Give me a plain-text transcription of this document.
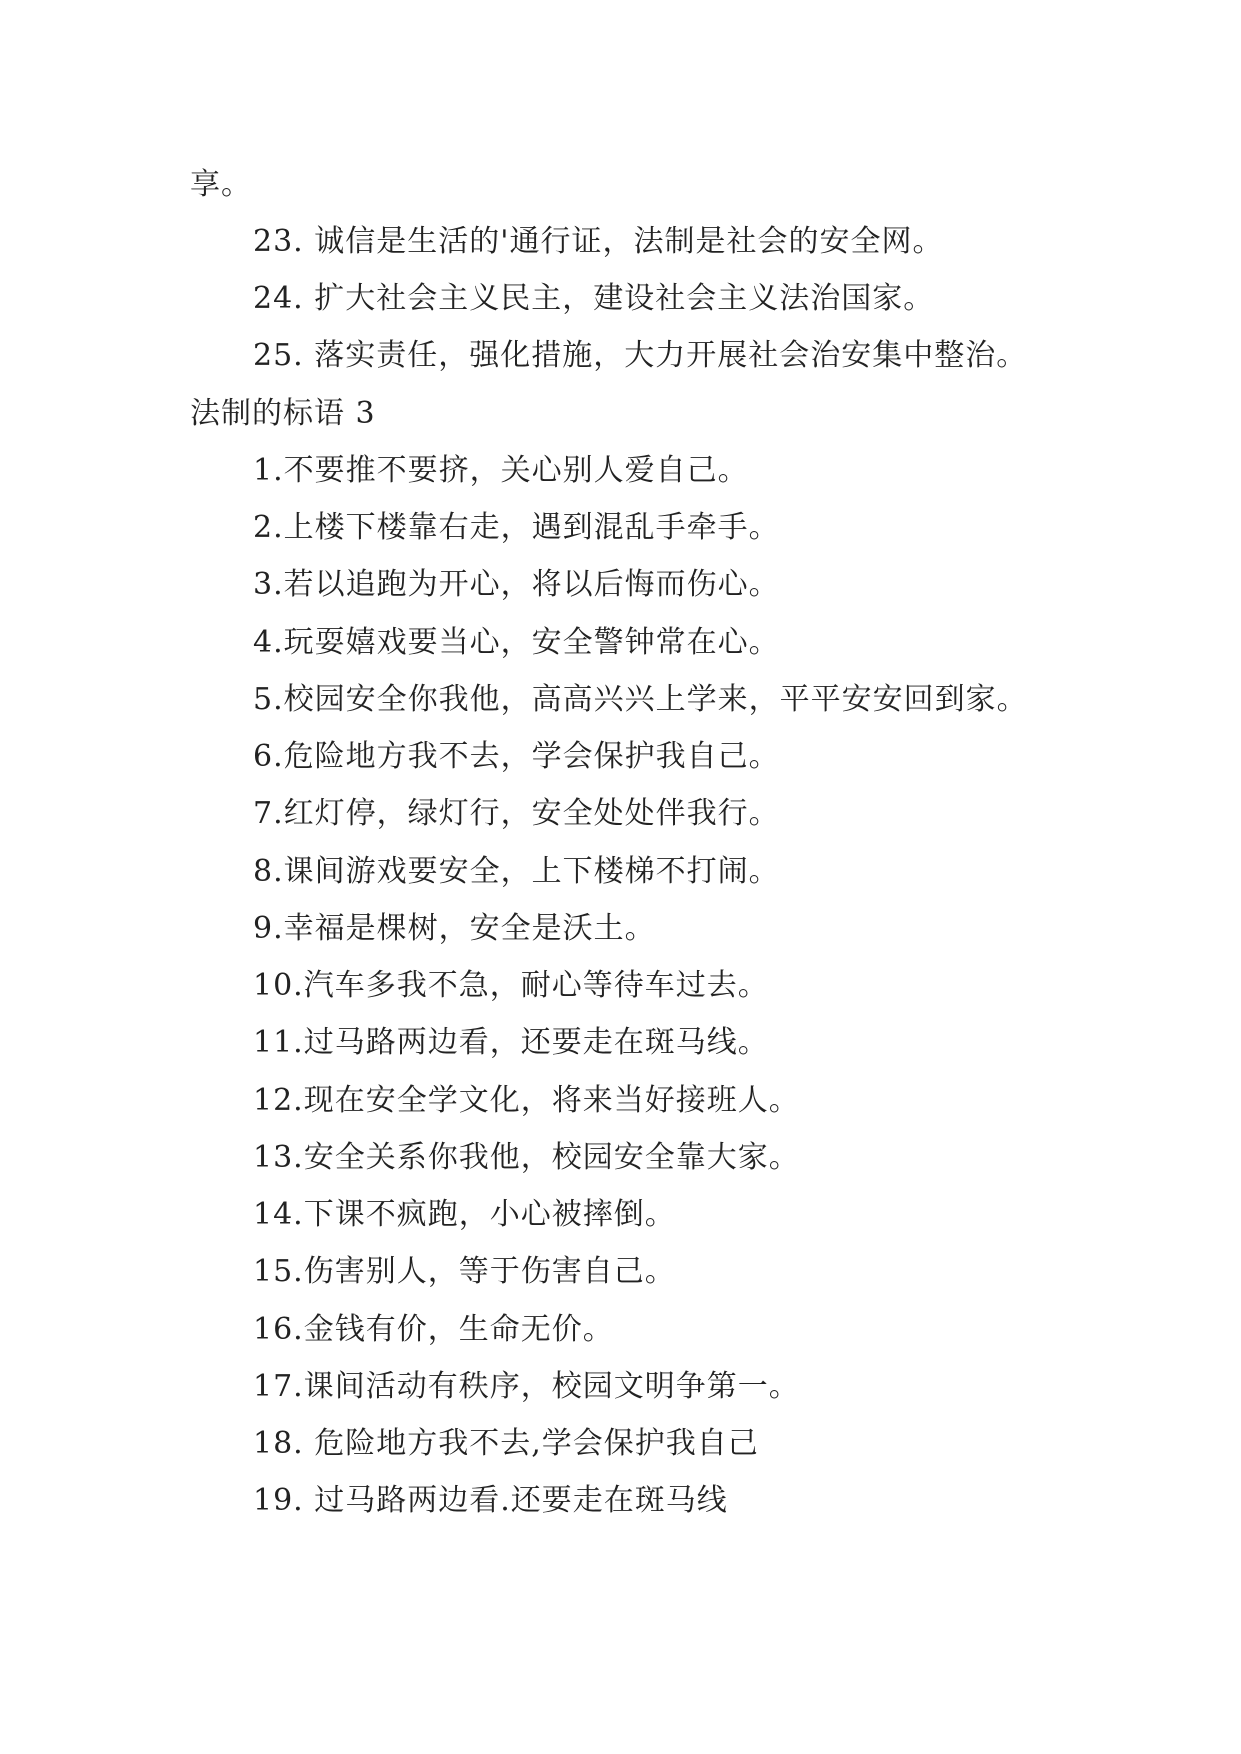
享。
23. 诚信是生活的'通行证，法制是社会的安全网。
24. 扩大社会主义民主，建设社会主义法治国家。
25. 落实责任，强化措施，大力开展社会治安集中整治。
法制的标语 3
1.不要推不要挤，关心别人爱自己。
2.上楼下楼靠右走，遇到混乱手牵手。
3.若以追跑为开心，将以后悔而伤心。
4.玩耍嬉戏要当心，安全警钟常在心。
5.校园安全你我他，高高兴兴上学来，平平安安回到家。
6.危险地方我不去，学会保护我自己。
7.红灯停，绿灯行，安全处处伴我行。
8.课间游戏要安全，上下楼梯不打闹。
9.幸福是棵树，安全是沃土。
10.汽车多我不急，耐心等待车过去。
11.过马路两边看，还要走在斑马线。
12.现在安全学文化，将来当好接班人。
13.安全关系你我他，校园安全靠大家。
14.下课不疯跑，小心被摔倒。
15.伤害别人，等于伤害自己。
16.金钱有价，生命无价。
17.课间活动有秩序，校园文明争第一。
18. 危险地方我不去,学会保护我自己
19. 过马路两边看.还要走在斑马线
